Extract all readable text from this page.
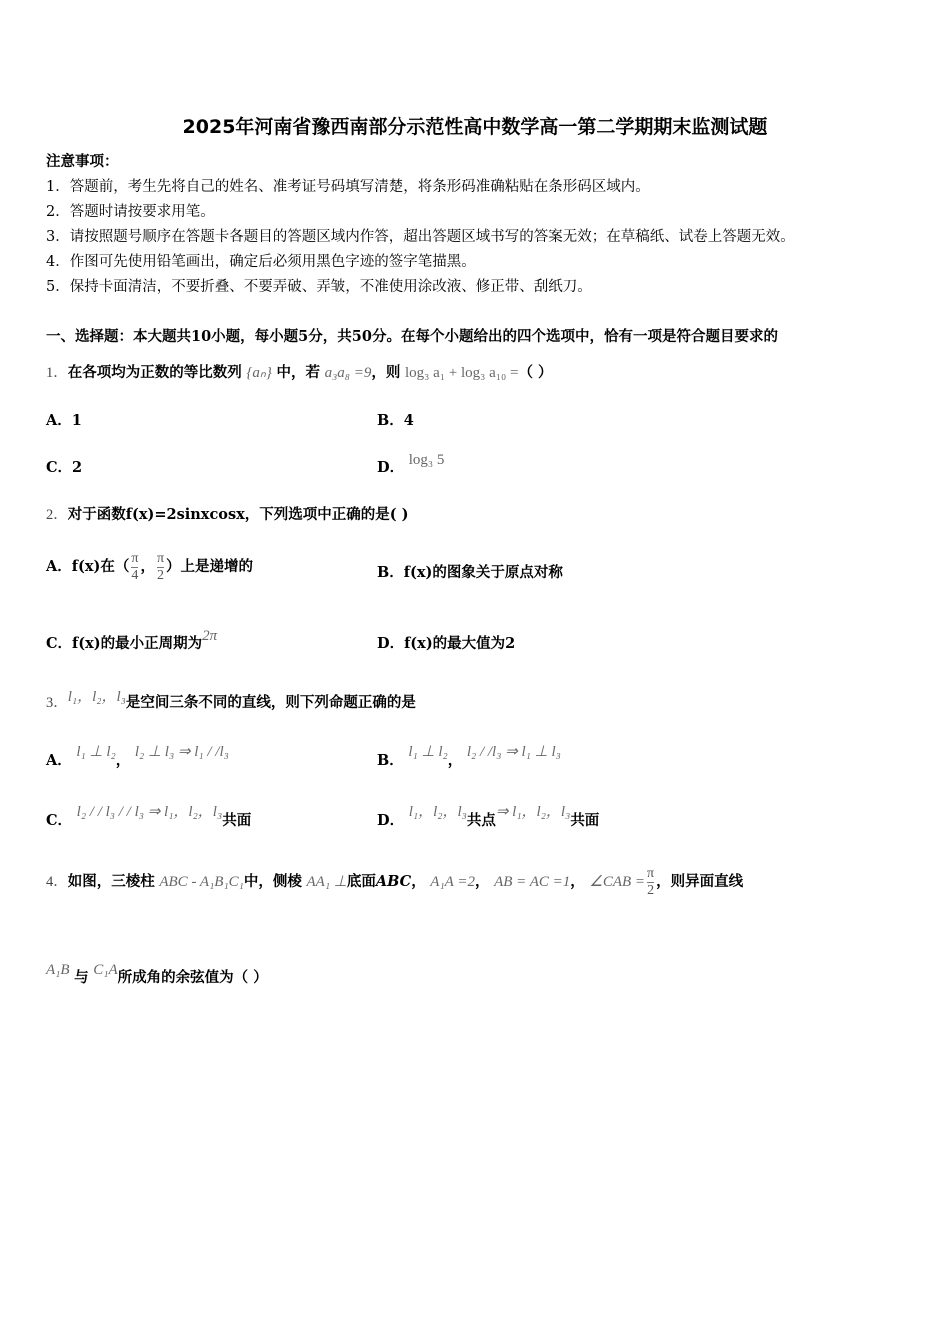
2025年河南省豫西南部分示范性高中数学高一第二学期期末监测试题
注意事项：
1．答题前，考生先将自己的姓名、准考证号码填写清楚，将条形码准确粘贴在条形码区域内。
2．答题时请按要求用笔。
3．请按照题号顺序在答题卡各题目的答题区域内作答，超出答题区域书写的答案无效；在草稿纸、试卷上答题无效。
4．作图可先使用铅笔画出，确定后必须用黑色字迹的签字笔描黑。
5．保持卡面清洁，不要折叠、不要弄破、弄皱，不准使用涂改液、修正带、刮纸刀。
一、选择题：本大题共10小题，每小题5分，共50分。在每个小题给出的四个选项中，恰有一项是符合题目要求的
1．在各项均为正数的等比数列 {aₙ} 中，若 a₃a₈ =9，则 log₃ a₁ + log₃ a₁₀ =（ ）
A．1	B．4
C．2	D． log₃ 5
2．对于函数f(x)=2sinxcosx，下列选项中正确的是( )
A．f(x)在（ $\frac{\pi}{4}$ ， $\frac{\pi}{2}$ ）上是递增的	B．f(x)的图象关于原点对称
C．f(x)的最小正周期为2π	D．f(x)的最大值为2
3．l₁，l₂，l₃是空间三条不同的直线，则下列命题正确的是
A． l₁ ⊥ l₂， l₂ ⊥ l₃ ⇒ l₁ / /l₃	B． l₁ ⊥ l₂， l₂ / /l₃ ⇒ l₁ ⊥ l₃
C． l₂ / / l₃ / / l₃ ⇒ l₁，l₂，l₃共面	D． l₁，l₂，l₃共点⇒ l₁，l₂，l₃共面
4．如图，三棱柱 ABC - A₁B₁C₁中，侧棱 AA₁ ⊥底面ABC， A₁A =2， AB = AC =1， ∠CAB = $\frac{\pi}{2}$ ，则异面直线
A₁B 与 C₁A所成角的余弦值为（ ）
